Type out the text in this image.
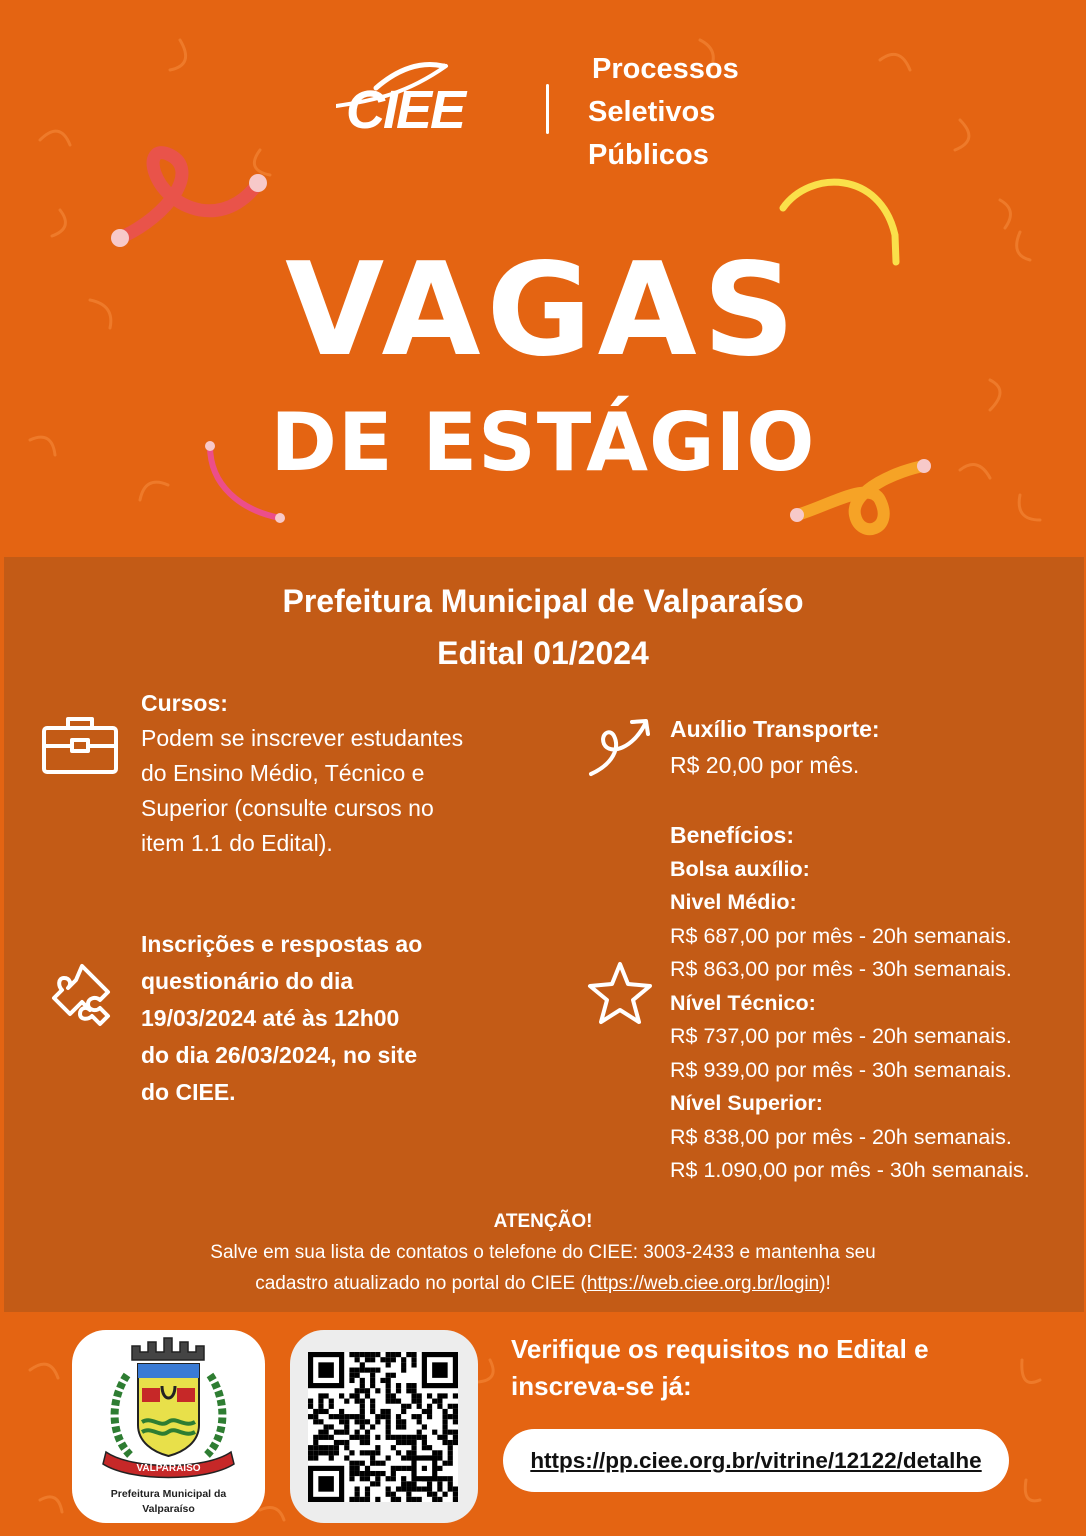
CIEE
Processos
Seletivos
Públicos
VAGAS
DE ESTÁGIO
Prefeitura Municipal de Valparaíso
Edital 01/2024
Cursos:
Podem se inscrever estudantes
do Ensino Médio, Técnico e
Superior (consulte cursos no
item 1.1 do Edital).
Inscrições e respostas ao
questionário do dia
19/03/2024 até às 12h00
do dia 26/03/2024, no site
do CIEE.
Auxílio Transporte:
R$ 20,00 por mês.
Benefícios:
Bolsa auxílio:
Nivel Médio:
R$ 687,00 por mês - 20h semanais.
R$ 863,00 por mês - 30h semanais.
Nível Técnico:
R$ 737,00 por mês - 20h semanais.
R$ 939,00 por mês - 30h semanais.
Nível Superior:
R$ 838,00 por mês - 20h semanais.
R$ 1.090,00 por mês - 30h semanais.
ATENÇÃO!
Salve em sua lista de contatos o telefone do CIEE: 3003-2433 e mantenha seu
cadastro atualizado no portal do CIEE (https://web.ciee.org.br/login)!
VALPARAÍSO
Prefeitura Municipal da
Valparaíso
Verifique os requisitos no Edital e
inscreva-se já:
https://pp.ciee.org.br/vitrine/12122/detalhe
